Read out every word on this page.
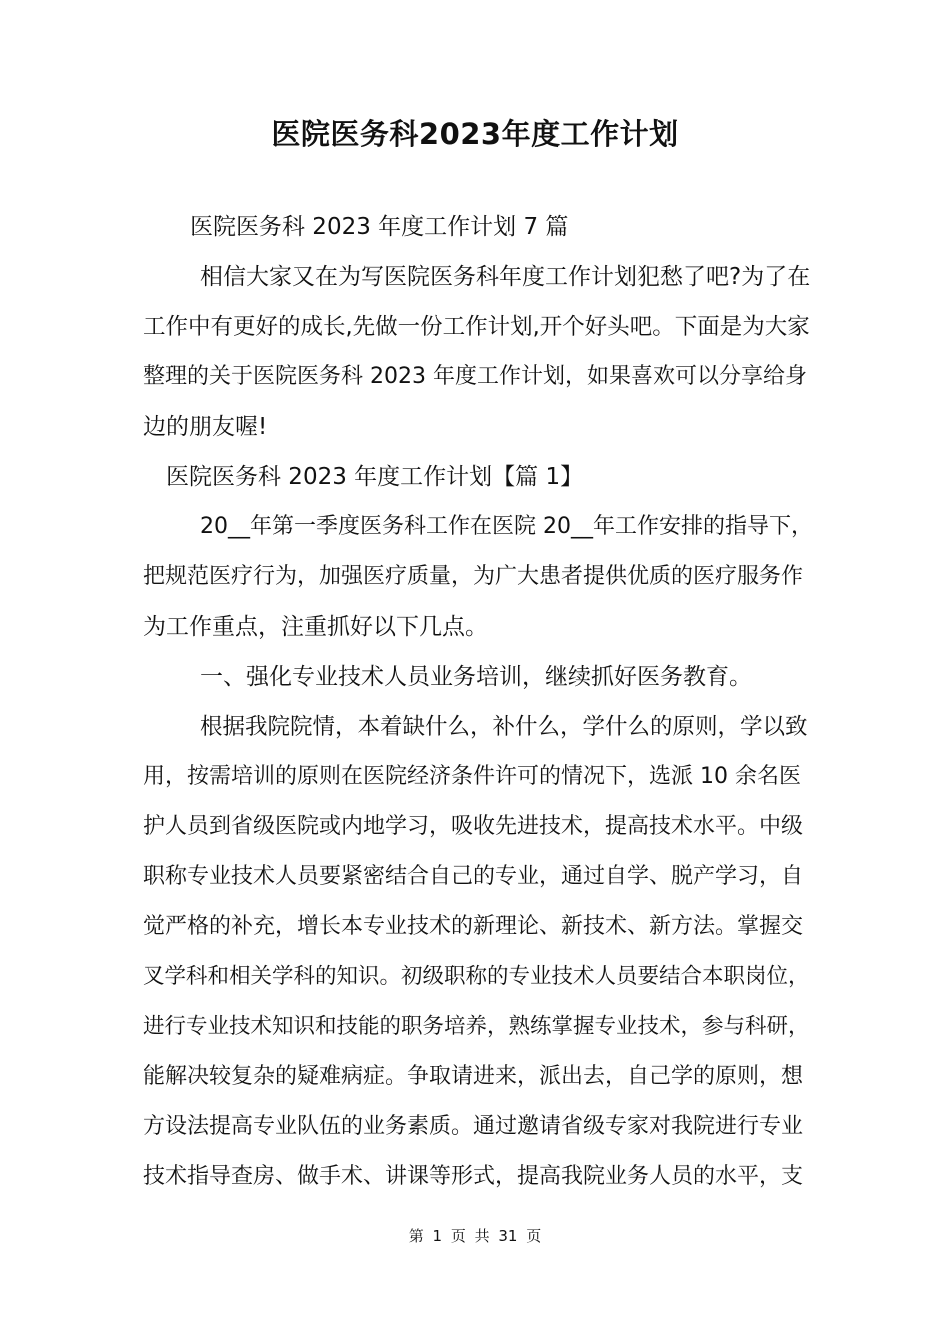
医院医务科2023年度工作计划

医院医务科 2023 年度工作计划 7 篇

相信大家又在为写医院医务科年度工作计划犯愁了吧?为了在

工作中有更好的成长,先做一份工作计划,开个好头吧。下面是为大家

整理的关于医院医务科 2023 年度工作计划，如果喜欢可以分享给身

边的朋友喔!

医院医务科 2023 年度工作计划【篇 1】

20__年第一季度医务科工作在医院 20__年工作安排的指导下，

把规范医疗行为，加强医疗质量，为广大患者提供优质的医疗服务作

为工作重点，注重抓好以下几点。

一、强化专业技术人员业务培训，继续抓好医务教育。

根据我院院情，本着缺什么，补什么，学什么的原则，学以致

用，按需培训的原则在医院经济条件许可的情况下，选派 10 余名医

护人员到省级医院或内地学习，吸收先进技术，提高技术水平。中级

职称专业技术人员要紧密结合自己的专业，通过自学、脱产学习，自

觉严格的补充，增长本专业技术的新理论、新技术、新方法。掌握交

叉学科和相关学科的知识。初级职称的专业技术人员要结合本职岗位，

进行专业技术知识和技能的职务培养，熟练掌握专业技术，参与科研，

能解决较复杂的疑难病症。争取请进来，派出去，自己学的原则，想

方设法提高专业队伍的业务素质。通过邀请省级专家对我院进行专业

技术指导查房、做手术、讲课等形式，提高我院业务人员的水平，支

第 1 页 共 31 页
